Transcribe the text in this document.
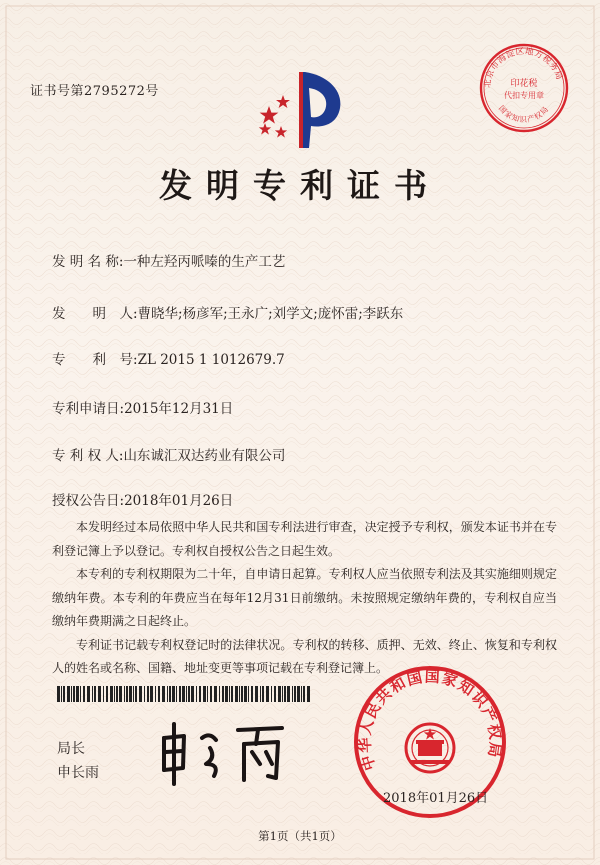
证书号第2795272号
北京市海淀区地方税务局
印花税
代扣专用章
国家知识产权局
发明专利证书
发 明 名 称:一种左羟丙哌嗪的生产工艺
发　　明　人:曹晓华;杨彦军;王永广;刘学文;庞怀雷;李跃东
专　　利　号:ZL 2015 1 1012679.7
专利申请日:2015年12月31日
专 利 权 人:山东诚汇双达药业有限公司
授权公告日:2018年01月26日

本发明经过本局依照中华人民共和国专利法进行审查，决定授予专利权，颁发本证书并在专利登记簿上予以登记。专利权自授权公告之日起生效。

本专利的专利权期限为二十年，自申请日起算。专利权人应当依照专利法及其实施细则规定缴纳年费。本专利的年费应当在每年12月31日前缴纳。未按照规定缴纳年费的，专利权自应当缴纳年费期满之日起终止。

专利证书记载专利权登记时的法律状况。专利权的转移、质押、无效、终止、恢复和专利权人的姓名或名称、国籍、地址变更等事项记载在专利登记簿上。

局长
申长雨
中华人民共和国国家知识产权局
2018年01月26日
第1页（共1页）
